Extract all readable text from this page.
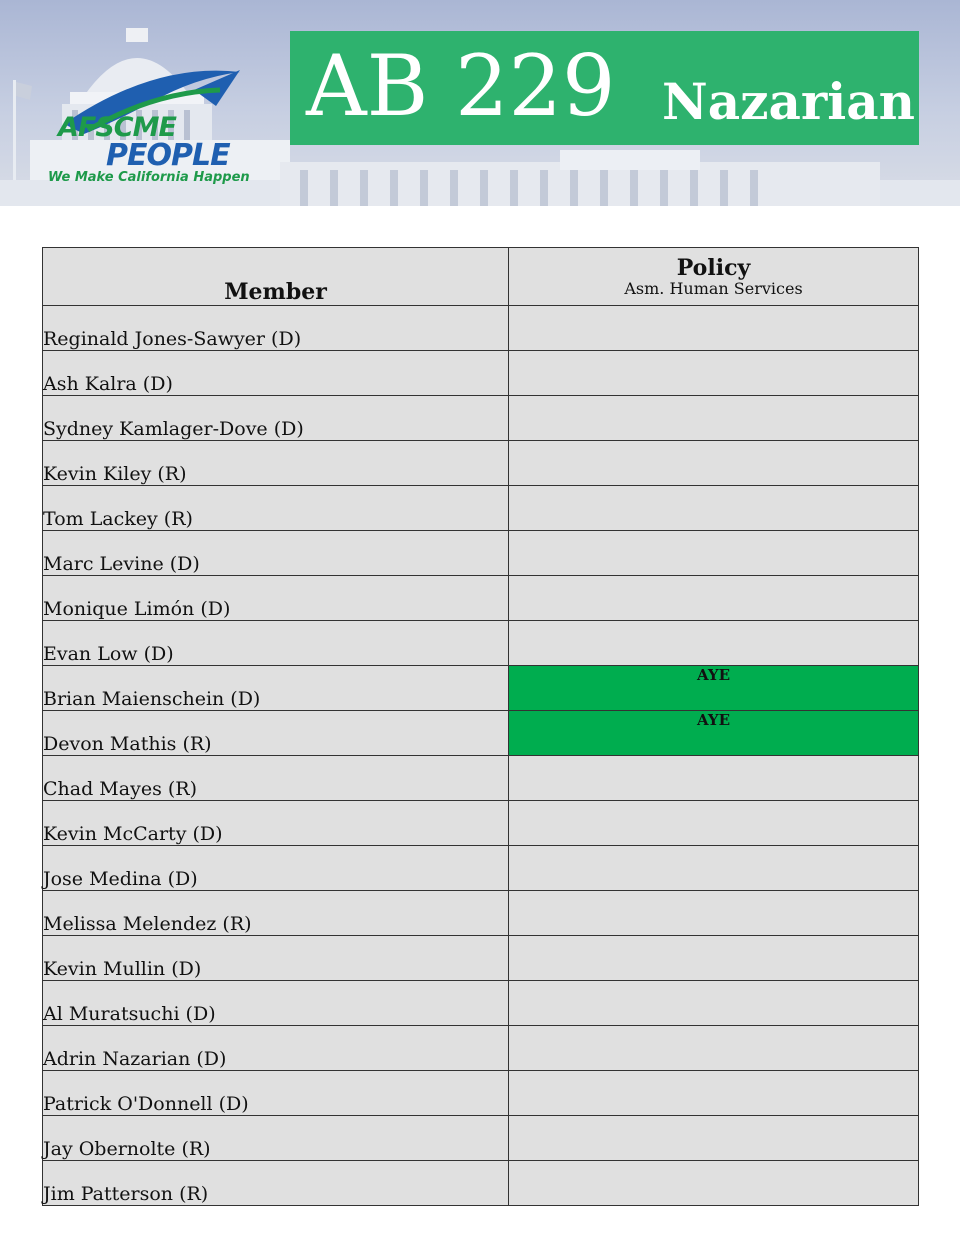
AFSCME
PEOPLE
We Make California Happen
AB 229 Nazarian
Member	Policy
Asm. Human Services

Reginald Jones-Sawyer (D)	
Ash Kalra (D)	
Sydney Kamlager-Dove (D)	
Kevin Kiley (R)	
Tom Lackey (R)	
Marc Levine (D)	
Monique Limón (D)	
Evan Low (D)	
Brian Maienschein (D)	AYE
Devon Mathis (R)	AYE
Chad Mayes (R)	
Kevin McCarty (D)	
Jose Medina (D)	
Melissa Melendez (R)	
Kevin Mullin (D)	
Al Muratsuchi (D)	
Adrin Nazarian (D)	
Patrick O'Donnell (D)	
Jay Obernolte (R)	
Jim Patterson (R)	
